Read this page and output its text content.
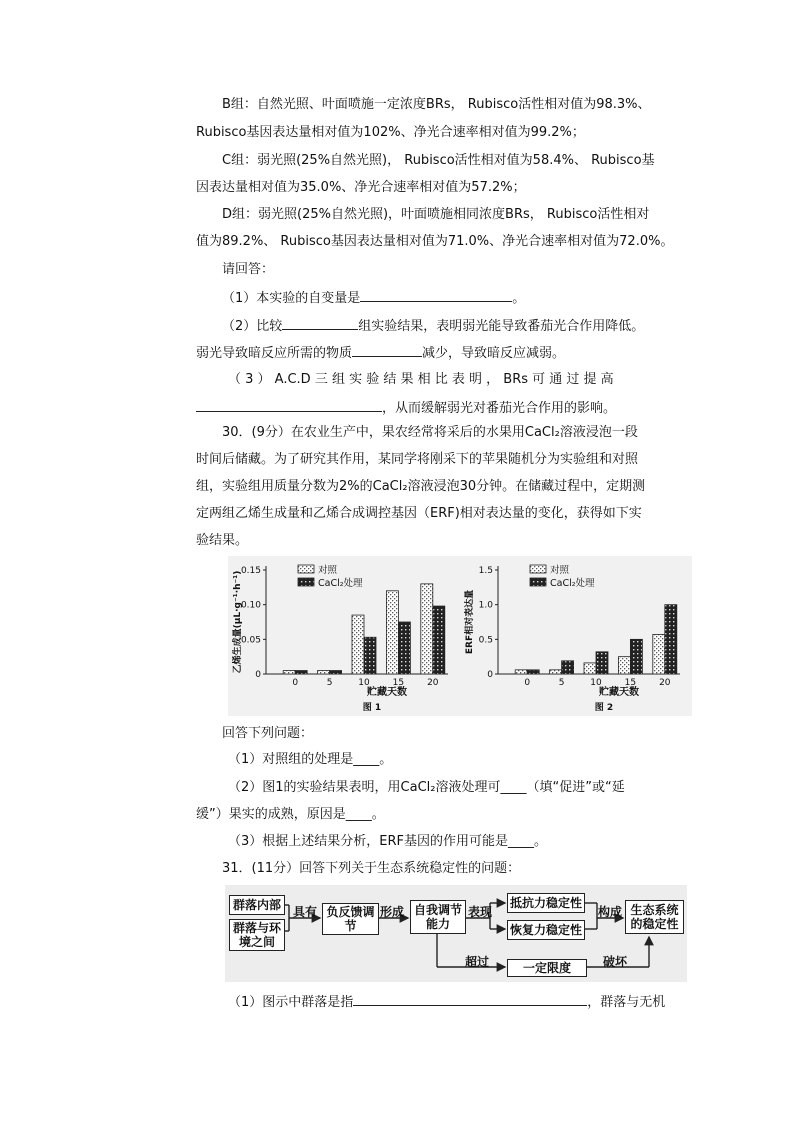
B组：自然光照、叶面喷施一定浓度BRs， Rubisco活性相对值为98.3%、
Rubisco基因表达量相对值为102%、净光合速率相对值为99.2%；
C组：弱光照(25%自然光照)， Rubisco活性相对值为58.4%、 Rubisco基
因表达量相对值为35.0%、净光合速率相对值为57.2%；
D组：弱光照(25%自然光照)，叶面喷施相同浓度BRs， Rubisco活性相对
值为89.2%、 Rubisco基因表达量相对值为71.0%、净光合速率相对值为72.0%。
请回答：
（1）本实验的自变量是	。
（2）比较	组实验结果，表明弱光能导致番茄光合作用降低。
弱光导致暗反应所需的物质	减少，导致暗反应减弱。
（ 3 ） A.C.D 三 组 实 验 结 果 相 比 表 明 ， BRs 可 通 过 提 高
，从而缓解弱光对番茄光合作用的影响。
30．(9分）在农业生产中，果农经常将采后的水果用CaCl₂溶液浸泡一段
时间后储藏。为了研究其作用，某同学将刚采下的苹果随机分为实验组和对照
组，实验组用质量分数为2%的CaCl₂溶液浸泡30分钟。在储藏过程中，定期测
定两组乙烯生成量和乙烯合成调控基因（ERF)相对表达量的变化，获得如下实
验结果。
0
0.05
0.10
0.15
0	5	10	15	20
贮藏天数
乙烯生成量(μL·g⁻¹·h⁻¹)
对照
CaCl₂处理
图 1
0
0.5
1.0
1.5
0	5	10	15	20
贮藏天数
ERF相对表达量
对照
CaCl₂处理
图 2
回答下列问题：
（1）对照组的处理是____。
（2）图1的实验结果表明，用CaCl₂溶液处理可____（填“促进”或“延
缓”）果实的成熟，原因是____。
（3）根据上述结果分析，ERF基因的作用可能是____。
31．(11分）回答下列关于生态系统稳定性的问题：
群落内部
群落与环境之间
具有 负反馈调节
形成 自我调节能力
表现
抵抗力稳定性
恢复力稳定性
构成 生态系统的稳定性
超过	一定限度	破坏
（1）图示中群落是指	，群落与无机
